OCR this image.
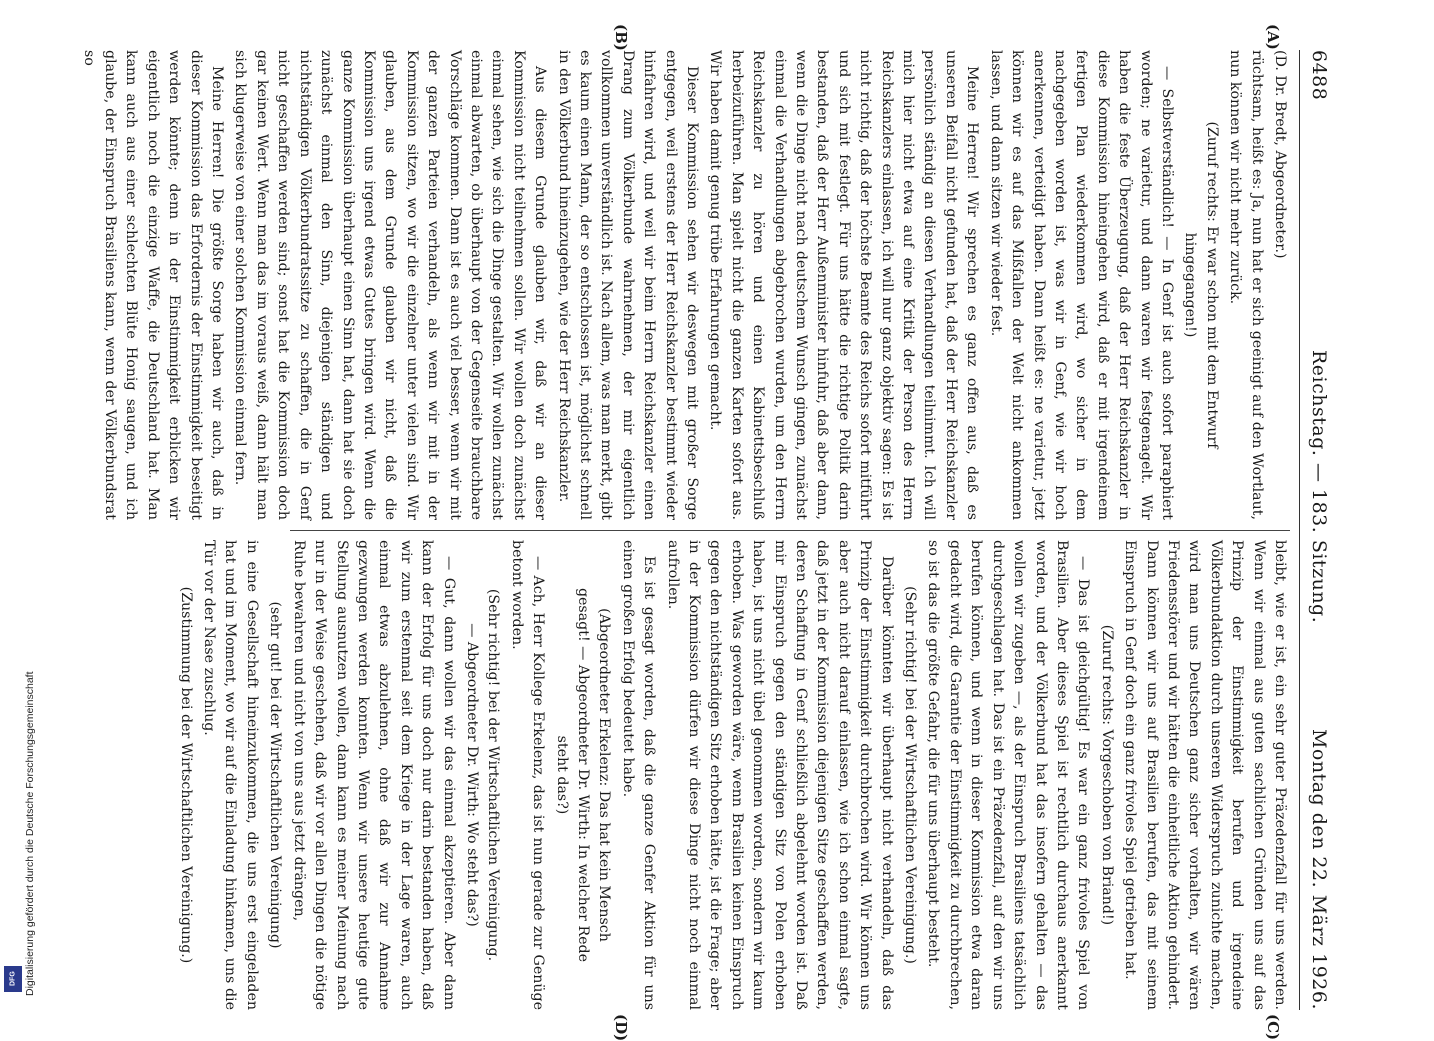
6488
Reichstag. — 183. Sitzung.
Montag den 22. März 1926.

(D. Dr. Bredt, Abgeordneter.)

rüchtsam, heißt es: Ja, nun hat er sich geeinigt auf den Wortlaut, nun können wir nicht mehr zurück.

(Zuruf rechts: Er war schon mit dem Entwurf hingegangen!)

— Selbstverständlich! — In Genf ist auch sofort paraphiert worden; ne varietur, und dann waren wir festgenagelt. Wir haben die feste Überzeugung, daß der Herr Reichskanzler in diese Kommission hineingehen wird, daß er mit irgendeinem fertigen Plan wiederkommen wird, wo sicher in dem nachgegeben worden ist, was wir in Genf, wie wir hoch anerkennen, verteidigt haben. Dann heißt es: ne varietur, jetzt können wir es auf das Mißfallen der Welt nicht ankommen lassen, und dann sitzen wir wieder fest.

Meine Herren! Wir sprechen es ganz offen aus, daß es unseren Beifall nicht gefunden hat, daß der Herr Reichskanzler persönlich ständig an diesen Verhandlungen teilnimmt. Ich will mich hier nicht etwa auf eine Kritik der Person des Herrn Reichskanzlers einlassen, ich will nur ganz objektiv sagen: Es ist nicht richtig, daß der höchste Beamte des Reichs sofort mitführt und sich mit festlegt. Für uns hätte die richtige Politik darin bestanden, daß der Herr Außenminister hinfuhr, daß aber dann, wenn die Dinge nicht nach deutschem Wunsch gingen, zunächst einmal die Verhandlungen abgebrochen wurden, um den Herrn Reichskanzler zu hören und einen Kabinettsbeschluß herbeizuführen. Man spielt nicht die ganzen Karten sofort aus. Wir haben damit genug trübe Erfahrungen gemacht.

Dieser Kommission sehen wir deswegen mit großer Sorge entgegen, weil erstens der Herr Reichskanzler bestimmt wieder hinfahren wird, und weil wir beim Herrn Reichskanzler einen Drang zum Völkerbunde wahrnehmen, der mir eigentlich vollkommen unverständlich ist. Nach allem, was man merkt, gibt es kaum einen Mann, der so entschlossen ist, möglichst schnell in den Völkerbund hineinzugehen, wie der Herr Reichskanzler.

Aus diesem Grunde glauben wir, daß wir an dieser Kommission nicht teilnehmen sollen. Wir wollen doch zunächst einmal sehen, wie sich die Dinge gestalten. Wir wollen zunächst einmal abwarten, ob überhaupt von der Gegenseite brauchbare Vorschläge kommen. Dann ist es auch viel besser, wenn wir mit der ganzen Parteien verhandeln, als wenn wir mit in der Kommission sitzen, wo wir die einzelner unter vielen sind. Wir glauben, aus dem Grunde glauben wir nicht, daß die Kommission uns irgend etwas Gutes bringen wird. Wenn die ganze Kommission überhaupt einen Sinn hat, dann hat sie doch zunächst einmal den Sinn, diejenigen ständigen und nichtständigen Völkerbundratssitze zu schaffen, die in Genf nicht geschaffen werden sind; sonst hat die Kommission doch gar keinen Wert. Wenn man das im voraus weiß, dann hält man sich klugerweise von einer solchen Kommission einmal fern.

Meine Herren! Die größte Sorge haben wir auch, daß in dieser Kommission das Erfordernis der Einstimmigkeit beseitigt werden könnte; denn in der Einstimmigkeit erblicken wir eigentlich noch die einzige Waffe, die Deutschland hat. Man kann auch aus einer schlechten Blüte Honig saugen, und ich glaube, der Einspruch Brasiliens kann, wenn der Völkerbundsrat so

bleibt, wie er ist, ein sehr guter Präzedenzfall für uns werden. Wenn wir einmal aus guten sachlichen Gründen uns auf das Prinzip der Einstimmigkeit berufen und irgendeine Völkerbundaktion durch unseren Widerspruch zunichte machen, wird man uns Deutschen ganz sicher vorhalten, wir wären Friedensstörer und wir hätten die einheitliche Aktion gehindert. Dann können wir uns auf Brasilien berufen, das mit seinem Einspruch in Genf doch ein ganz frivoles Spiel getrieben hat.

(Zuruf rechts: Vorgeschoben von Briand!)

— Das ist gleichgültig! Es war ein ganz frivoles Spiel von Brasilien. Aber dieses Spiel ist rechtlich durchaus anerkannt worden, und der Völkerbund hat das insofern gehalten — das wollen wir zugeben —, als der Einspruch Brasiliens tatsächlich durchgeschlagen hat. Das ist ein Präzedenzfall, auf den wir uns berufen können, und wenn in dieser Kommission etwa daran gedacht wird, die Garantie der Einstimmigkeit zu durchbrechen, so ist das die größte Gefahr, die für uns überhaupt besteht.

(Sehr richtig! bei der Wirtschaftlichen Vereinigung.)

Darüber könnten wir überhaupt nicht verhandeln, daß das Prinzip der Einstimmigkeit durchbrochen wird. Wir können uns aber auch nicht darauf einlassen, wie ich schon einmal sagte, daß jetzt in der Kommission diejenigen Sitze geschaffen werden, deren Schaffung in Genf schließlich abgelehnt worden ist. Daß mir Einspruch gegen den ständigen Sitz von Polen erhoben haben, ist uns nicht übel genommen worden, sondern wir kaum erhoben. Was geworden wäre, wenn Brasilien keinen Einspruch gegen den nichtständigen Sitz erhoben hätte, ist die Frage; aber in der Kommission dürfen wir diese Dinge nicht noch einmal aufrollen.

Es ist gesagt worden, daß die ganze Genfer Aktion für uns einen großen Erfolg bedeutet habe.

(Abgeordneter Erkelenz: Das hat kein Mensch gesagt! — Abgeordneter Dr. Wirth: In welcher Rede steht das?)

— Ach, Herr Kollege Erkelenz, das ist nun gerade zur Genüge betont worden.

(Sehr richtig! bei der Wirtschaftlichen Vereinigung. — Abgeordneter Dr. Wirth: Wo steht das?)

— Gut, dann wollen wir das einmal akzeptieren. Aber dann kann der Erfolg für uns doch nur darin bestanden haben, daß wir zum erstenmal seit dem Kriege in der Lage waren, auch einmal etwas abzulehnen, ohne daß wir zur Annahme gezwungen werden konnten. Wenn wir unsere heutige gute Stellung ausnutzen wollen, dann kann es meiner Meinung nach nur in der Weise geschehen, daß wir vor allen Dingen die nötige Ruhe bewahren und nicht von uns aus jetzt drängen,

(sehr gut! bei der Wirtschaftlichen Vereinigung)

in eine Gesellschaft hineinzukommen, die uns erst eingeladen hat und im Moment, wo wir auf die Einladung hinkamen, uns die Tür vor der Nase zuschlug.

(Zustimmung bei der Wirtschaftlichen Vereinigung.)

(A)
(B)
(C)
(D)
Digitalisierung gefördert durch die Deutsche Forschungsgemeinschaft
DFG
